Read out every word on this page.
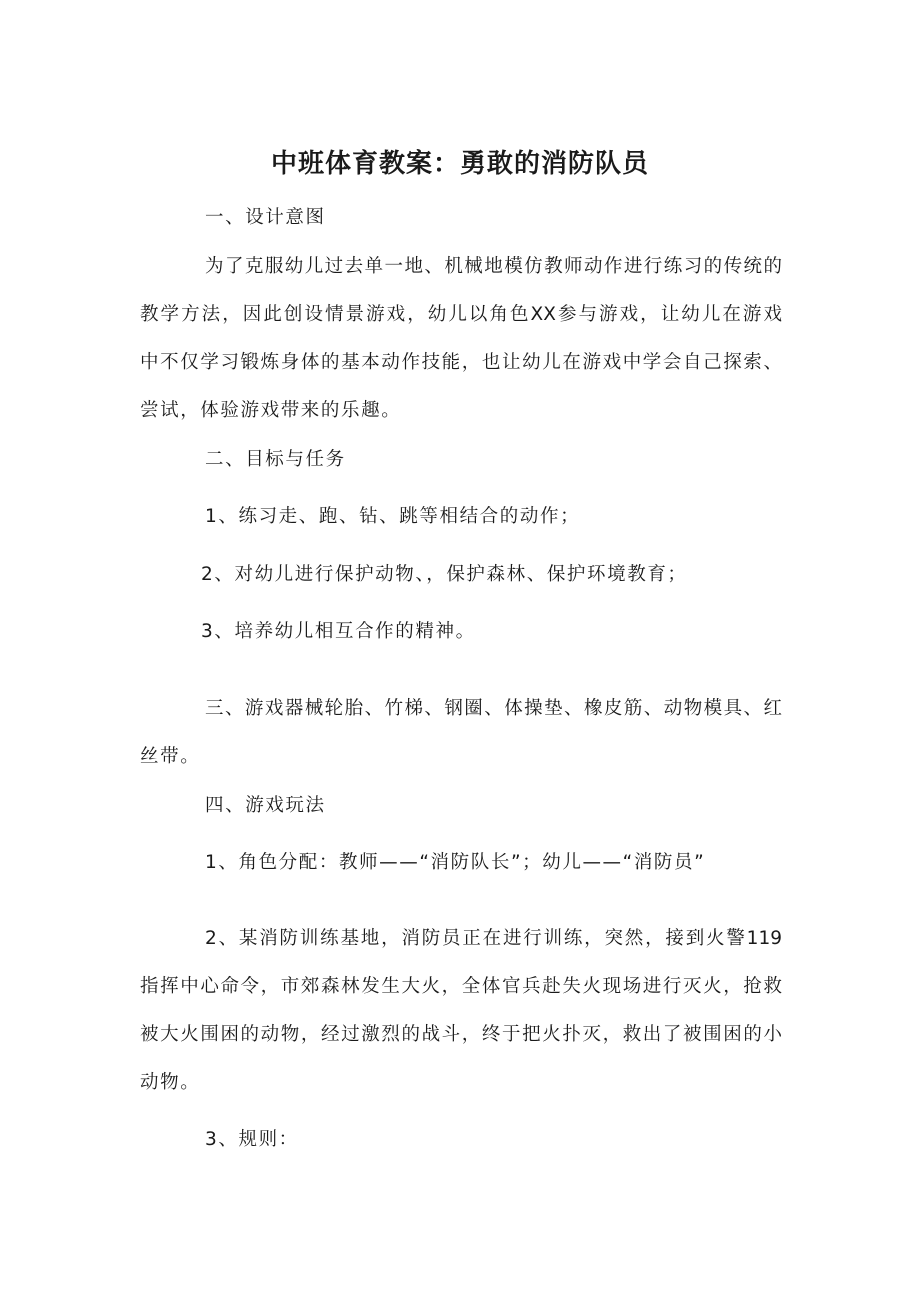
中班体育教案：勇敢的消防队员
一、设计意图
为了克服幼儿过去单一地、机械地模仿教师动作进行练习的传统的
教学方法，因此创设情景游戏，幼儿以角色XX参与游戏，让幼儿在游戏
中不仅学习锻炼身体的基本动作技能，也让幼儿在游戏中学会自己探索、
尝试，体验游戏带来的乐趣。
二、目标与任务
1、练习走、跑、钻、跳等相结合的动作；
2、对幼儿进行保护动物、，保护森林、保护环境教育；
3、培养幼儿相互合作的精神。
三、游戏器械轮胎、竹梯、钢圈、体操垫、橡皮筋、动物模具、红
丝带。
四、游戏玩法
1、角色分配：教师——“消防队长”；幼儿——“消防员”
2、某消防训练基地，消防员正在进行训练，突然，接到火警119
指挥中心命令，市郊森林发生大火，全体官兵赴失火现场进行灭火，抢救
被大火围困的动物，经过激烈的战斗，终于把火扑灭，救出了被围困的小
动物。
3、规则：
